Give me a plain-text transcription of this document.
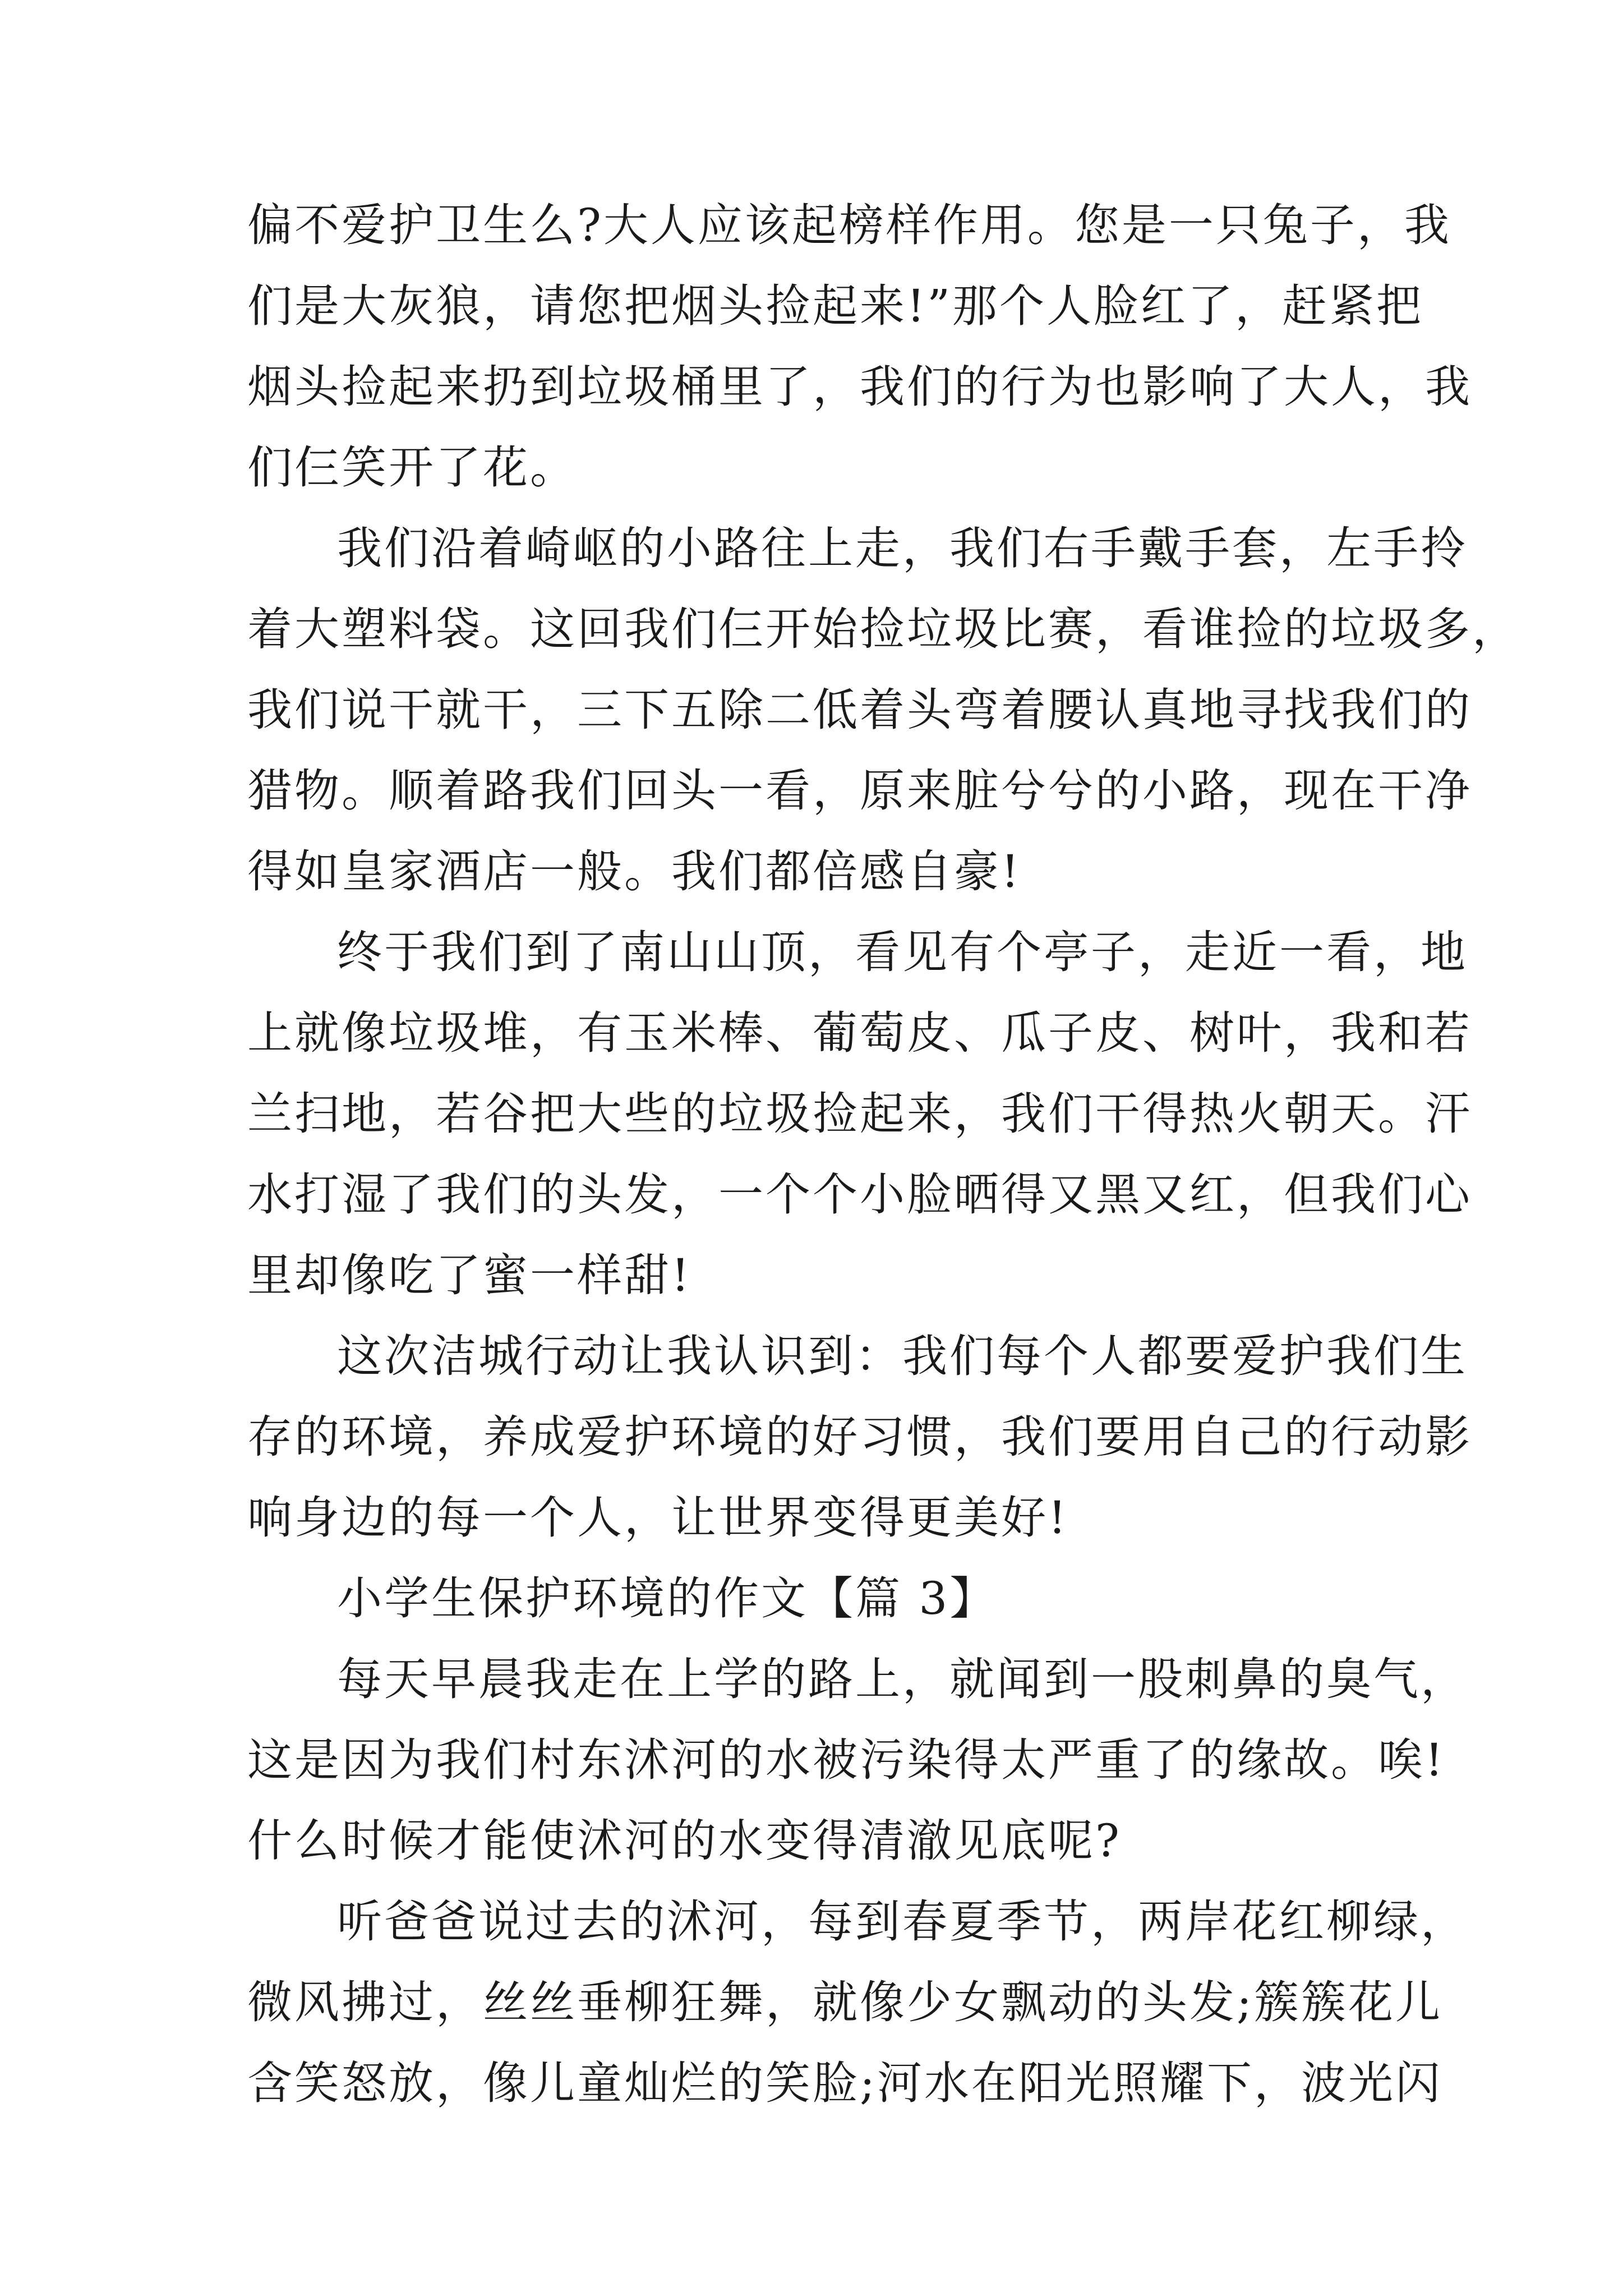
偏不爱护卫生么?大人应该起榜样作用。您是一只兔子，我
们是大灰狼，请您把烟头捡起来!”那个人脸红了，赶紧把
烟头捡起来扔到垃圾桶里了，我们的行为也影响了大人，我
们仨笑开了花。
我们沿着崎岖的小路往上走，我们右手戴手套，左手拎
着大塑料袋。这回我们仨开始捡垃圾比赛，看谁捡的垃圾多，
我们说干就干，三下五除二低着头弯着腰认真地寻找我们的
猎物。顺着路我们回头一看，原来脏兮兮的小路，现在干净
得如皇家酒店一般。我们都倍感自豪!
终于我们到了南山山顶，看见有个亭子，走近一看，地
上就像垃圾堆，有玉米棒、葡萄皮、瓜子皮、树叶，我和若
兰扫地，若谷把大些的垃圾捡起来，我们干得热火朝天。汗
水打湿了我们的头发，一个个小脸晒得又黑又红，但我们心
里却像吃了蜜一样甜!
这次洁城行动让我认识到：我们每个人都要爱护我们生
存的环境，养成爱护环境的好习惯，我们要用自己的行动影
响身边的每一个人，让世界变得更美好!
小学生保护环境的作文【篇 3】
每天早晨我走在上学的路上，就闻到一股刺鼻的臭气，
这是因为我们村东沭河的水被污染得太严重了的缘故。唉!
什么时候才能使沭河的水变得清澈见底呢?
听爸爸说过去的沭河，每到春夏季节，两岸花红柳绿，
微风拂过，丝丝垂柳狂舞，就像少女飘动的头发;簇簇花儿
含笑怒放，像儿童灿烂的笑脸;河水在阳光照耀下，波光闪
